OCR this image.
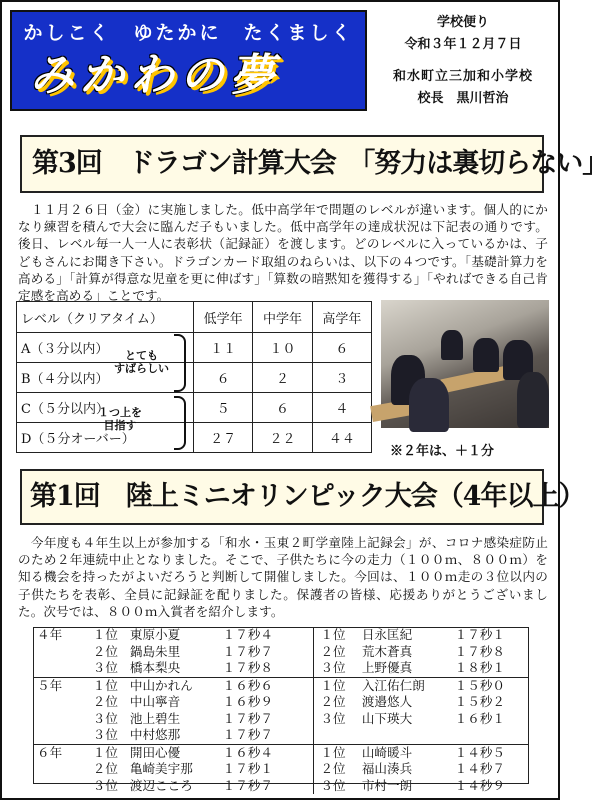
かしこく　ゆたかに　たくましく
みかわの夢
学校便り
令和３年１２月７日
和水町立三加和小学校
校長　黒川哲治
第3回　ドラゴン計算大会　「努力は裏切らない」
　１１月２６日（金）に実施しました。低中高学年で問題のレベルが違います。個人的にかなり練習を積んで大会に臨んだ子もいました。低中高学年の達成状況は下記表の通りです。後日、レベル毎一人一人に表彰状（記録証）を渡します。どのレベルに入っているかは、子どもさんにお聞き下さい。ドラゴンカード取組のねらいは、以下の４つです。「基礎計算力を高める」「計算が得意な児童を更に伸ばす」「算数の暗黙知を獲得する」「やればできる自己肯定感を高める」ことです。
レベル（クリアタイム）	低学年	中学年	高学年
A（３分以内）	１１	１０	６
B（４分以内）	６	２	３
C（５分以内）	５	６	４
D（５分オーバー）	２７	２２	４４
とても
すばらしい
１つ上を
目指す
※２年は、＋１分
第1回　陸上ミニオリンピック大会（4年以上）
　今年度も４年生以上が参加する「和水・玉東２町学童陸上記録会」が、コロナ感染症防止のため２年連続中止となりました。そこで、子供たちに今の走力（１００ｍ、８００ｍ）を知る機会を持ったがよいだろうと判断して開催しました。今回は、１００ｍ走の３位以内の子供たちを表彰、全員に記録証を配りました。保護者の皆様、応援ありがとうございました。次号では、８００ｍ入賞者を紹介します。
４年	１位	東原小夏	１７秒４	１位	日永匡紀	１７秒１
	２位	鍋島朱里	１７秒７	２位	荒木蒼真	１７秒８
	３位	橋本梨央	１７秒８	３位	上野優真	１８秒１
５年	１位	中山かれん	１６秒６	１位	入江佑仁朗	１５秒０
	２位	中山寧音	１６秒９	２位	渡邉悠人	１５秒２
	３位	池上碧生	１７秒７	３位	山下瑛大	１６秒１
	３位	中村悠那	１７秒７			
６年	１位	開田心優	１６秒４	１位	山崎暖斗	１４秒５
	２位	亀崎美宇那	１７秒１	２位	福山湊兵	１４秒７
	３位	渡辺こころ	１７秒７	３位	市村一朗	１４秒９
